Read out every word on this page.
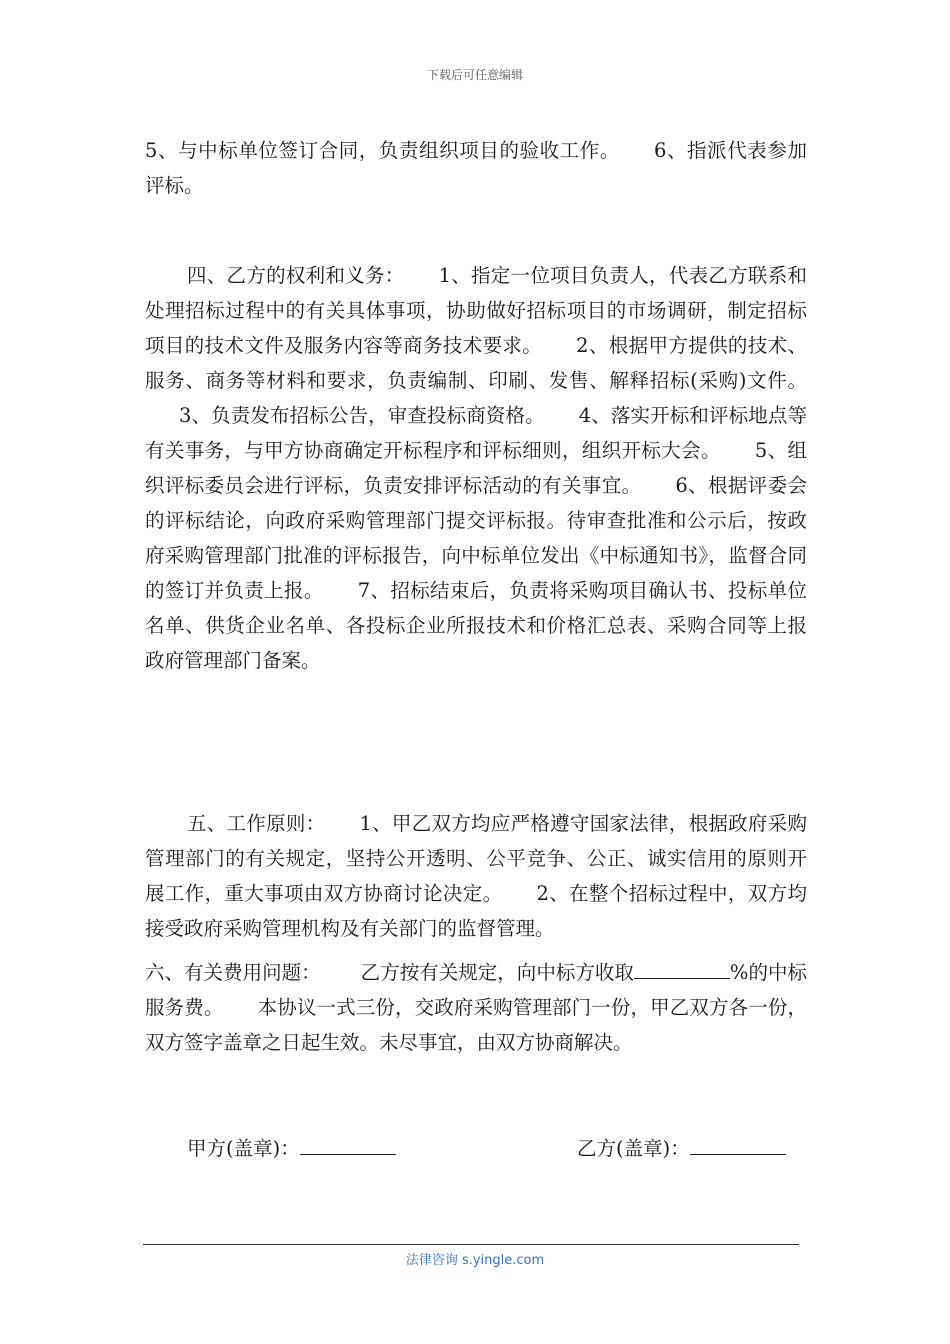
下载后可任意编辑

5、与中标单位签订合同，负责组织项目的验收工作。 6、指派代表参加评标。

四、乙方的权利和义务： 1、指定一位项目负责人，代表乙方联系和处理招标过程中的有关具体事项，协助做好招标项目的市场调研，制定招标项目的技术文件及服务内容等商务技术要求。 2、根据甲方提供的技术、服务、商务等材料和要求，负责编制、印刷、发售、解释招标(采购)文件。3、负责发布招标公告，审查投标商资格。 4、落实开标和评标地点等有关事务，与甲方协商确定开标程序和评标细则，组织开标大会。 5、组织评标委员会进行评标，负责安排评标活动的有关事宜。 6、根据评委会的评标结论，向政府采购管理部门提交评标报。待审查批准和公示后，按政府采购管理部门批准的评标报告，向中标单位发出《中标通知书》，监督合同的签订并负责上报。 7、招标结束后，负责将采购项目确认书、投标单位名单、供货企业名单、各投标企业所报技术和价格汇总表、采购合同等上报政府管理部门备案。

五、工作原则： 1、甲乙双方均应严格遵守国家法律，根据政府采购管理部门的有关规定，坚持公开透明、公平竞争、公正、诚实信用的原则开展工作，重大事项由双方协商讨论决定。 2、在整个招标过程中，双方均接受政府采购管理机构及有关部门的监督管理。

六、有关费用问题： 乙方按有关规定，向中标方收取	%的中标服务费。 本协议一式三份，交政府采购管理部门一份，甲乙双方各一份，双方签字盖章之日起生效。未尽事宜，由双方协商解决。

甲方(盖章)：	乙方(盖章)：
法律咨询 s.yingle.com
